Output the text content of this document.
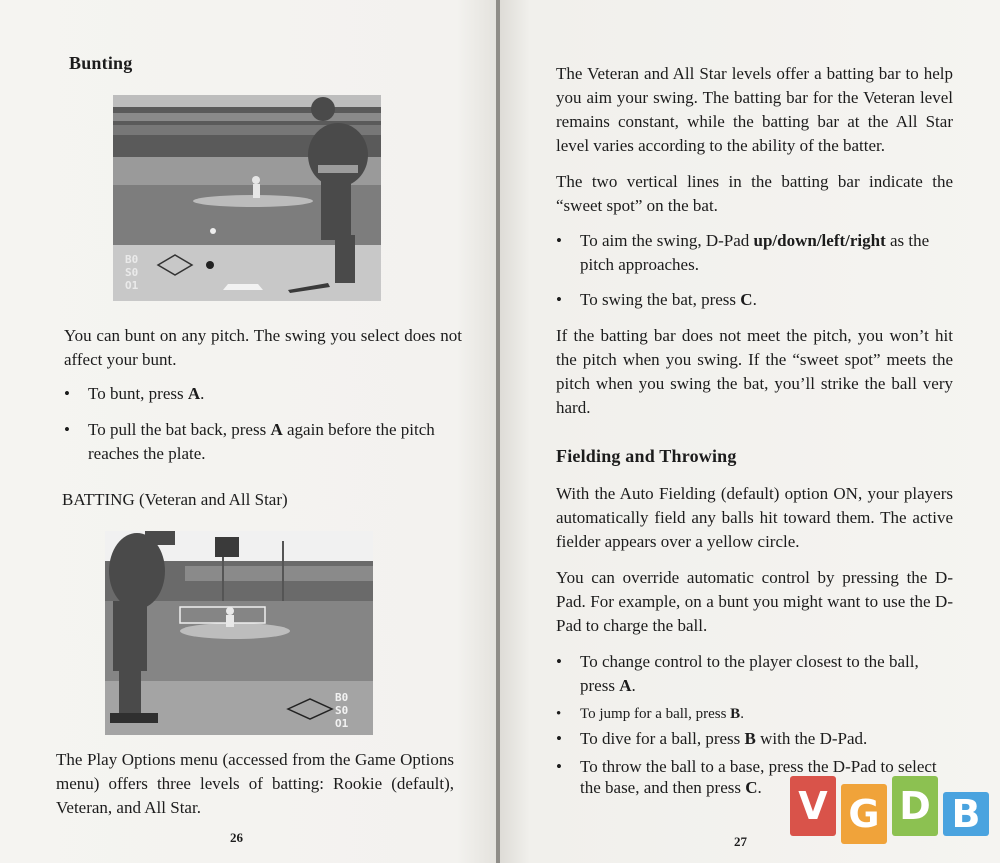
Bunting
B0
S0
O1
You can bunt on any pitch. The swing you select does not affect your bunt.
•	To bunt, press A.
•	To pull the bat back, press A again before the pitch reaches the plate.
BATTING (Veteran and All Star)
B0
S0
O1
The Play Options menu (accessed from the Game Options menu) offers three levels of batting: Rookie (default), Veteran, and All Star.
26
The Veteran and All Star levels offer a batting bar to help you aim your swing. The batting bar for the Veteran level remains constant, while the batting bar at the All Star level varies according to the ability of the batter.
The two vertical lines in the batting bar indicate the “sweet spot” on the bat.
•	To aim the swing, D-Pad up/down/left/right as the pitch approaches.
•	To swing the bat, press C.
If the batting bar does not meet the pitch, you won’t hit the pitch when you swing. If the “sweet spot” meets the pitch when you swing the bat, you’ll strike the ball very hard.
Fielding and Throwing
With the Auto Fielding (default) option ON, your players automatically field any balls hit toward them. The active fielder appears over a yellow circle.
You can override automatic control by pressing the D-Pad. For example, on a bunt you might want to use the D-Pad to charge the ball.
•	To change control to the player closest to the ball, press A.
•	To jump for a ball, press B.
•	To dive for a ball, press B with the D-Pad.
•	To throw the ball to a base, press the D-Pad to select the base, and then press C.
27
V G D B
